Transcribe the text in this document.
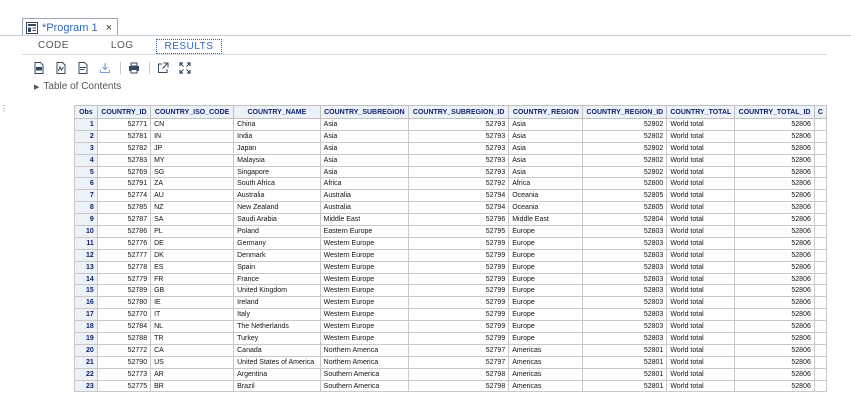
*Program 1 ×
CODE	LOG	RESULTS
▶ Table of Contents
⋮	Obs	COUNTRY_ID	COUNTRY_ISO_CODE	COUNTRY_NAME	COUNTRY_SUBREGION	COUNTRY_SUBREGION_ID	COUNTRY_REGION	COUNTRY_REGION_ID	COUNTRY_TOTAL	COUNTRY_TOTAL_ID	C
1	52771	CN	China	Asia	52793	Asia	52802	World total	52806	
2	52781	IN	India	Asia	52793	Asia	52802	World total	52806	
3	52782	JP	Japan	Asia	52793	Asia	52802	World total	52806	
4	52783	MY	Malaysia	Asia	52793	Asia	52802	World total	52806	
5	52769	SG	Singapore	Asia	52793	Asia	52802	World total	52806	
6	52791	ZA	South Africa	Africa	52792	Africa	52800	World total	52806	
7	52774	AU	Australia	Australia	52794	Oceania	52805	World total	52806	
8	52785	NZ	New Zealand	Australia	52794	Oceania	52805	World total	52806	
9	52787	SA	Saudi Arabia	Middle East	52796	Middle East	52804	World total	52806	
10	52786	PL	Poland	Eastern Europe	52795	Europe	52803	World total	52806	
11	52776	DE	Germany	Western Europe	52799	Europe	52803	World total	52806	
12	52777	DK	Denmark	Western Europe	52799	Europe	52803	World total	52806	
13	52778	ES	Spain	Western Europe	52799	Europe	52803	World total	52806	
14	52779	FR	France	Western Europe	52799	Europe	52803	World total	52806	
15	52789	GB	United Kingdom	Western Europe	52799	Europe	52803	World total	52806	
16	52780	IE	Ireland	Western Europe	52799	Europe	52803	World total	52806	
17	52770	IT	Italy	Western Europe	52799	Europe	52803	World total	52806	
18	52784	NL	The Netherlands	Western Europe	52799	Europe	52803	World total	52806	
19	52788	TR	Turkey	Western Europe	52799	Europe	52803	World total	52806	
20	52772	CA	Canada	Northern America	52797	Americas	52801	World total	52806	
21	52790	US	United States of America	Northern America	52797	Americas	52801	World total	52806	
22	52773	AR	Argentina	Southern America	52798	Americas	52801	World total	52806	
23	52775	BR	Brazil	Southern America	52798	Americas	52801	World total	52806	
